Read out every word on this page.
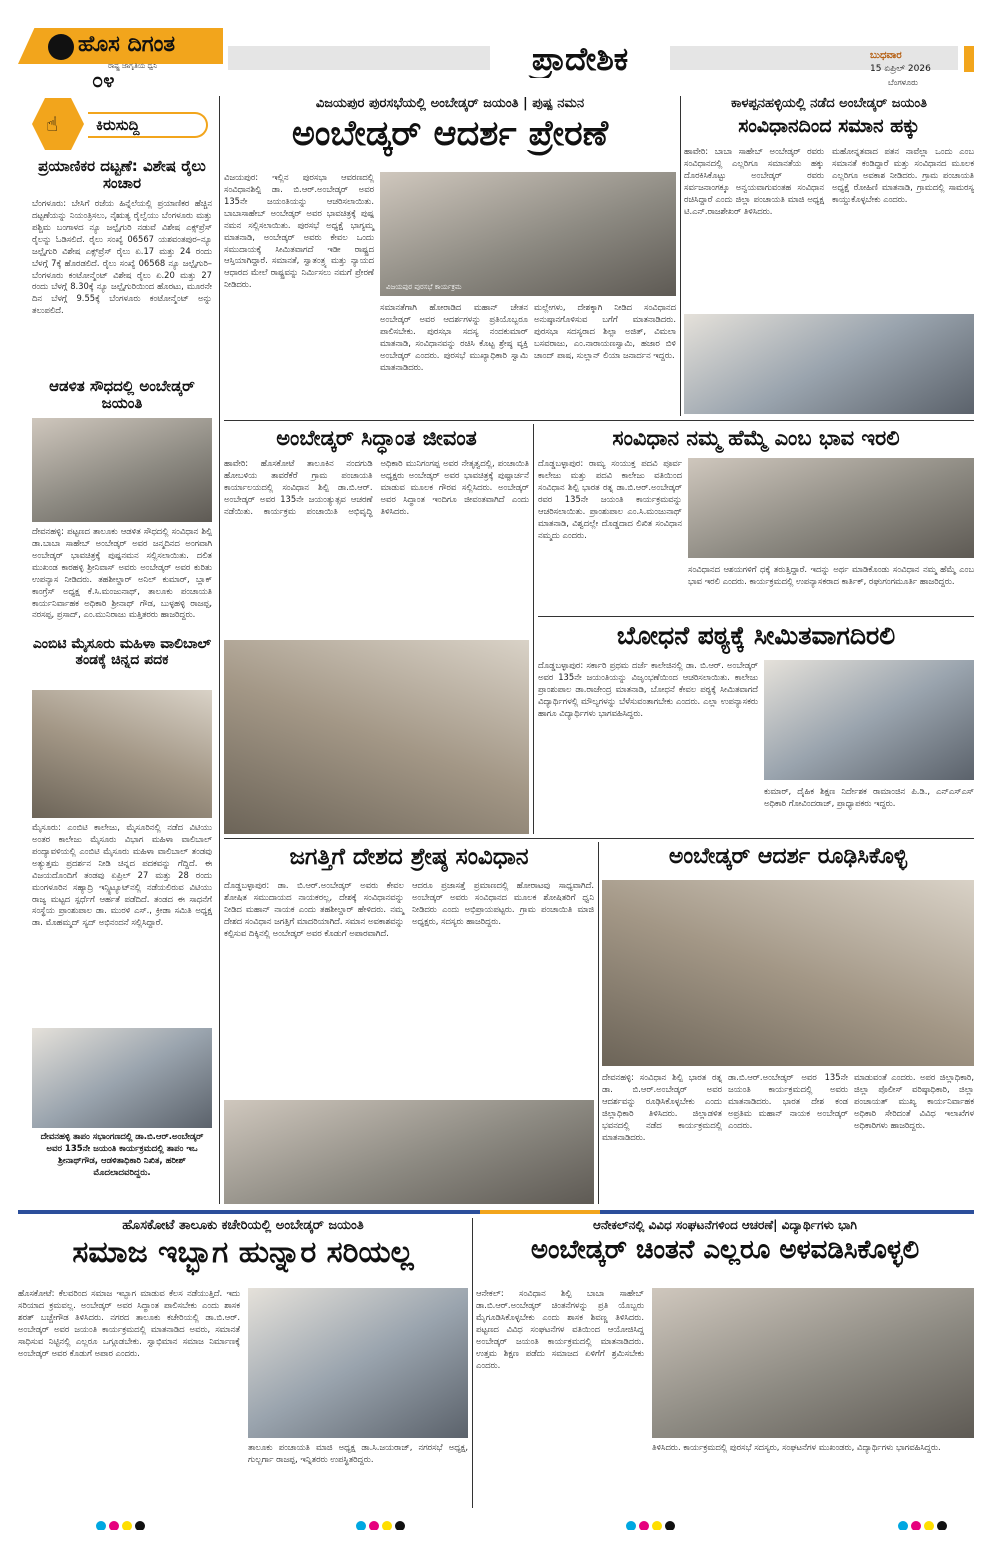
ಹೊಸ ದಿಗಂತ
ರಾಷ್ಟ್ರ ಜಾಗೃತಿಯ ಧ್ವನಿ
೦೪
ಪ್ರಾದೇಶಿಕ	ಬುಧವಾರ
15 ಏಪ್ರಿಲ್ 2026
ಬೆಂಗಳೂರು
☝	ಕಿರುಸುದ್ದಿ
ಪ್ರಯಾಣಿಕರ ದಟ್ಟಣೆ: ವಿಶೇಷ ರೈಲು ಸಂಚಾರ
ಬೆಂಗಳೂರು: ಬೇಸಿಗೆ ರಜೆಯ ಹಿನ್ನೆಲೆಯಲ್ಲಿ ಪ್ರಯಾಣಿಕರ ಹೆಚ್ಚಿನ ದಟ್ಟಣೆಯನ್ನು ನಿಯಂತ್ರಿಸಲು, ನೈಋತ್ಯ ರೈಲ್ವೆಯು ಬೆಂಗಳೂರು ಮತ್ತು ಪಶ್ಚಿಮ ಬಂಗಾಳದ ನ್ಯೂ ಜಲ್ಪೈಗುರಿ ನಡುವೆ ವಿಶೇಷ ಎಕ್ಸ್‌ಪ್ರೆಸ್ ರೈಲನ್ನು ಓಡಿಸಲಿದೆ. ರೈಲು ಸಂಖ್ಯೆ 06567 ಯಶವಂತಪುರ–ನ್ಯೂ ಜಲ್ಪೈಗುರಿ ವಿಶೇಷ ಎಕ್ಸ್‌ಪ್ರೆಸ್ ರೈಲು ಏ.17 ಮತ್ತು 24 ರಂದು ಬೆಳಗ್ಗೆ 7ಕ್ಕೆ ಹೊರಡಲಿದೆ. ರೈಲು ಸಂಖ್ಯೆ 06568 ನ್ಯೂ ಜಲ್ಪೈಗುರಿ–ಬೆಂಗಳೂರು ಕಂಟೋನ್ಮೆಂಟ್ ವಿಶೇಷ ರೈಲು ಏ.20 ಮತ್ತು 27 ರಂದು ಬೆಳಗ್ಗೆ 8.30ಕ್ಕೆ ನ್ಯೂ ಜಲ್ಪೈಗುರಿಯಿಂದ ಹೊರಟು, ಮೂರನೇ ದಿನ ಬೆಳಗ್ಗೆ 9.55ಕ್ಕೆ ಬೆಂಗಳೂರು ಕಂಟೋನ್ಮೆಂಟ್ ಅನ್ನು ತಲುಪಲಿದೆ.
ಆಡಳಿತ ಸೌಧದಲ್ಲಿ ಅಂಬೇಡ್ಕರ್ ಜಯಂತಿ
ದೇವನಹಳ್ಳಿ: ಪಟ್ಟಣದ ತಾಲೂಕು ಆಡಳಿತ ಸೌಧದಲ್ಲಿ ಸಂವಿಧಾನ ಶಿಲ್ಪಿ ಡಾ.ಬಾಬಾ ಸಾಹೇಬ್ ಅಂಬೇಡ್ಕರ್ ಅವರ ಜನ್ಮದಿನದ ಅಂಗವಾಗಿ ಅಂಬೇಡ್ಕರ್ ಭಾವಚಿತ್ರಕ್ಕೆ ಪುಷ್ಪನಮನ ಸಲ್ಲಿಸಲಾಯಿತು. ದಲಿತ ಮುಖಂಡ ಕಾರಹಳ್ಳಿ ಶ್ರೀನಿವಾಸ್ ಅವರು ಅಂಬೇಡ್ಕರ್ ಅವರ ಕುರಿತು ಉಪನ್ಯಾಸ ನೀಡಿದರು. ತಹಶೀಲ್ದಾರ್ ಅನಿಲ್ ಕುಮಾರ್, ಬ್ಲಾಕ್ ಕಾಂಗ್ರೆಸ್ ಅಧ್ಯಕ್ಷ ಕೆ.ಸಿ.ಮಂಜುನಾಥ್, ತಾಲೂಕು ಪಂಚಾಯತಿ ಕಾರ್ಯನಿರ್ವಾಹಕ ಅಧಿಕಾರಿ ಶ್ರೀನಾಥ್ ಗೌಡ, ಬುಳ್ಳಹಳ್ಳಿ ರಾಜಪ್ಪ, ನರಸಪ್ಪ, ಪ್ರಸಾದ್, ಎಂ.ಮುನಿರಾಜು ಮತ್ತಿತರರು ಹಾಜರಿದ್ದರು.
ಎಂಬಿಟಿ ಮೈಸೂರು ಮಹಿಳಾ ವಾಲಿಬಾಲ್ ತಂಡಕ್ಕೆ ಚಿನ್ನದ ಪದಕ
ಮೈಸೂರು: ಎಂಬಿಟಿ ಕಾಲೇಜು, ಮೈಸೂರಿನಲ್ಲಿ ನಡೆದ ವಿಟಿಯು ಅಂತರ ಕಾಲೇಜು ಮೈಸೂರು ವಿಭಾಗ ಮಹಿಳಾ ವಾಲಿಬಾಲ್ ಪಂದ್ಯಾವಳಿಯಲ್ಲಿ ಎಂಬಿಟಿ ಮೈಸೂರು ಮಹಿಳಾ ವಾಲಿಬಾಲ್ ತಂಡವು ಅತ್ಯುತ್ತಮ ಪ್ರದರ್ಶನ ನೀಡಿ ಚಿನ್ನದ ಪದಕವನ್ನು ಗೆದ್ದಿದೆ. ಈ ವಿಜಯದೊಂದಿಗೆ ತಂಡವು ಏಪ್ರಿಲ್ 27 ಮತ್ತು 28 ರಂದು ಮಂಗಳೂರಿನ ಸಹ್ಯಾದ್ರಿ ಇನ್ಸ್ಟಿಟ್ಯೂಟ್‌ನಲ್ಲಿ ನಡೆಯಲಿರುವ ವಿಟಿಯು ರಾಜ್ಯ ಮಟ್ಟದ ಸ್ಪರ್ಧೆಗೆ ಆರ್ಹತೆ ಪಡೆದಿದೆ. ತಂಡದ ಈ ಸಾಧನೆಗೆ ಸಂಸ್ಥೆಯ ಪ್ರಾಂಶುಪಾಲ ಡಾ. ಮುರಳಿ ಎಸ್., ಕ್ರೀಡಾ ಸಮಿತಿ ಅಧ್ಯಕ್ಷ ಡಾ. ಮೊಹಮ್ಮದ್ ಸ್ಯದ್ ಅಭಿನಂದನೆ ಸಲ್ಲಿಸಿದ್ದಾರೆ.
ದೇವನಹಳ್ಳಿ ತಾಪಂ ಸಭಾಂಗಣದಲ್ಲಿ ಡಾ.ಬಿ.ಆರ್.ಅಂಬೇಡ್ಕರ್ ಅವರ 135ನೇ ಜಯಂತಿ ಕಾರ್ಯಕ್ರಮದಲ್ಲಿ ತಾಪಂ ಇಒ ಶ್ರೀನಾಥ್‌ಗೌಡ, ಆಡಳಿತಾಧಿಕಾರಿ ನಿಖಿತ, ಹರೀಶ್ ಮೊದಲಾದವರಿದ್ದರು.
ವಿಜಯಪುರ ಪುರಸಭೆಯಲ್ಲಿ ಅಂಬೇಡ್ಕರ್ ಜಯಂತಿ | ಪುಷ್ಪ ನಮನ
ಅಂಬೇಡ್ಕರ್ ಆದರ್ಶ ಪ್ರೇರಣೆ
ವಿಜಯಪುರ: ಇಲ್ಲಿನ ಪುರಸಭಾ ಆವರಣದಲ್ಲಿ ಸಂವಿಧಾನಶಿಲ್ಪಿ ಡಾ. ಬಿ.ಆರ್.ಅಂಬೇಡ್ಕರ್ ಅವರ 135ನೇ ಜಯಂತಿಯನ್ನು ಆಚರಿಸಲಾಯಿತು. ಬಾಬಾಸಾಹೇಬ್ ಅಂಬೇಡ್ಕರ್ ಅವರ ಭಾವಚಿತ್ರಕ್ಕೆ ಪುಷ್ಪ ನಮನ ಸಲ್ಲಿಸಲಾಯಿತು. ಪುರಸಭೆ ಅಧ್ಯಕ್ಷೆ ಭಾಗ್ಯಮ್ಮ ಮಾತನಾಡಿ, ಅಂಬೇಡ್ಕರ್ ಅವರು ಕೇವಲ ಒಂದು ಸಮುದಾಯಕ್ಕೆ ಸೀಮಿತವಾಗದೆ ಇಡೀ ರಾಷ್ಟ್ರದ ಆಸ್ತಿಯಾಗಿದ್ದಾರೆ. ಸಮಾನತೆ, ಸ್ವಾತಂತ್ರ್ಯ ಮತ್ತು ನ್ಯಾಯದ ಆಧಾರದ ಮೇಲೆ ರಾಷ್ಟ್ರವನ್ನು ನಿರ್ಮಿಸಲು ನಮಗೆ ಪ್ರೇರಣೆ ನೀಡಿದರು.	ವಿಜಯಪುರ ಪುರಸಭೆ ಕಾರ್ಯಕ್ರಮ
ಸಮಾನತೆಗಾಗಿ ಹೋರಾಡಿದ ಮಹಾನ್ ಚೇತನ ಅಂಬೇಡ್ಕರ್ ಅವರ ಆದರ್ಶಗಳನ್ನು ಪ್ರತಿಯೊಬ್ಬರೂ ಪಾಲಿಸಬೇಕು. ಪುರಸಭಾ ಸದಸ್ಯ ನಂದಕುಮಾರ್ ಮಾತನಾಡಿ, ಸಂವಿಧಾನವನ್ನು ರಚಿಸಿ ಕೊಟ್ಟ ಶ್ರೇಷ್ಠ ವ್ಯಕ್ತಿ ಅಂಬೇಡ್ಕರ್ ಎಂದರು. ಪುರಸಭೆ ಮುಖ್ಯಾಧಿಕಾರಿ ಸ್ವಾಮಿ ಮಾತನಾಡಿದರು.
ಮಲ್ಲೇಗಳು, ದೇಶಕ್ಕಾಗಿ ನೀಡಿದ ಸಂವಿಧಾನದ ಅನುಷ್ಠಾನಗೊಳಿಸುವ ಬಗೆಗೆ ಮಾತನಾಡಿದರು. ಪುರಸಭಾ ಸದಸ್ಯರಾದ ಶಿಲ್ಪಾ ಅಜಿತ್, ವಿಮಲಾ ಬಸವರಾಜು, ಎಂ.ನಾರಾಯಣಸ್ವಾಮಿ, ಹಜಾರ ಬಿಳಿ ಚಾಂದ್ ಪಾಷ, ಸುಲ್ಲಾನ್ ಲಿಯಾ ಜನಾರ್ದನ ಇದ್ದರು.
ಕಾಳಪ್ಪನಹಳ್ಳಿಯಲ್ಲಿ ನಡೆದ ಅಂಬೇಡ್ಕರ್ ಜಯಂತಿ
ಸಂವಿಧಾನದಿಂದ ಸಮಾನ ಹಕ್ಕು
ಹಾವೇರಿ: ಬಾಬಾ ಸಾಹೇಬ್ ಅಂಬೇಡ್ಕರ್ ರವರು ಸಂವಿಧಾನದಲ್ಲಿ ಎಲ್ಲರಿಗೂ ಸಮಾನತೆಯ ಹಕ್ಕು ದೊರಕಿಸಿಕೊಟ್ಟು ಅಂಬೇಡ್ಕರ್ ರವರು ಸರ್ವಜನಾಂಗಕ್ಕೂ ಅನ್ವಯವಾಗುವಂತಹ ಸಂವಿಧಾನ ರಚಿಸಿದ್ದಾರೆ ಎಂದು ಜಿಲ್ಲಾ ಪಂಚಾಯತಿ ಮಾಜಿ ಅಧ್ಯಕ್ಷ ಟಿ.ಎನ್.ರಾಜಶೇಖರ್ ತಿಳಿಸಿದರು.
ಮಹೋನ್ನತವಾದ ಪತನ ನಾವೆಲ್ಲಾ ಒಂದು ಎಂಬ ಸಮಾನತೆ ಕಂಡಿದ್ದಾರೆ ಮತ್ತು ಸಂವಿಧಾನದ ಮೂಲಕ ಎಲ್ಲರಿಗೂ ಅವಕಾಶ ನೀಡಿದರು. ಗ್ರಾಮ ಪಂಚಾಯತಿ ಅಧ್ಯಕ್ಷೆ ರೋಹಿಣಿ ಮಾತನಾಡಿ, ಗ್ರಾಮದಲ್ಲಿ ಸಾಮರಸ್ಯ ಕಾಯ್ದುಕೊಳ್ಳಬೇಕು ಎಂದರು.
ಅಂಬೇಡ್ಕರ್ ಸಿದ್ಧಾಂತ ಜೀವಂತ
ಹಾವೇರಿ: ಹೊಸಕೋಟೆ ತಾಲೂಕಿನ ನಂದಗುಡಿ ಹೋಬಳಿಯ ತಾವರೆಕೆರೆ ಗ್ರಾಮ ಪಂಚಾಯತಿ ಕಾರ್ಯಾಲಯದಲ್ಲಿ ಸಂವಿಧಾನ ಶಿಲ್ಪಿ ಡಾ.ಬಿ.ಆರ್. ಅಂಬೇಡ್ಕರ್ ಅವರ 135ನೇ ಜಯಂತ್ಯುತ್ಸವ ಆಚರಣೆ ನಡೆಯಿತು. ಕಾರ್ಯಕ್ರಮ ಪಂಚಾಯಿತಿ ಅಭಿವೃದ್ಧಿ ಅಧಿಕಾರಿ ಮುನಿಗಂಗಪ್ಪ ಅವರ ನೇತೃತ್ವದಲ್ಲಿ, ಪಂಚಾಯಿತಿ ಅಧ್ಯಕ್ಷರು ಅಂಬೇಡ್ಕರ್ ಅವರ ಭಾವಚಿತ್ರಕ್ಕೆ ಪುಷ್ಪಾರ್ಚನೆ ಮಾಡುವ ಮೂಲಕ ಗೌರವ ಸಲ್ಲಿಸಿದರು. ಅಂಬೇಡ್ಕರ್ ಅವರ ಸಿದ್ಧಾಂತ ಇಂದಿಗೂ ಜೀವಂತವಾಗಿದೆ ಎಂದು ತಿಳಿಸಿದರು.
ಸಂವಿಧಾನ ನಮ್ಮ ಹೆಮ್ಮೆ ಎಂಬ ಭಾವ ಇರಲಿ
ದೊಡ್ಡಬಳ್ಳಾಪುರ: ರಾಮ್ಯ ಸಂಯುಕ್ತ ಪದವಿ ಪೂರ್ವ ಕಾಲೇಜು ಮತ್ತು ಪದವಿ ಕಾಲೇಜು ವತಿಯಿಂದ ಸಂವಿಧಾನ ಶಿಲ್ಪಿ ಭಾರತ ರತ್ನ ಡಾ.ಬಿ.ಆರ್.ಅಂಬೇಡ್ಕರ್ ರವರ 135ನೇ ಜಯಂತಿ ಕಾರ್ಯಕ್ರಮವನ್ನು ಆಚರಿಸಲಾಯಿತು. ಪ್ರಾಂಶುಪಾಲ ಎಂ.ಸಿ.ಮಂಜುನಾಥ್ ಮಾತನಾಡಿ, ವಿಶ್ವದಲ್ಲೇ ದೊಡ್ಡದಾದ ಲಿಖಿತ ಸಂವಿಧಾನ ನಮ್ಮದು ಎಂದರು.
ಸಂವಿಧಾನದ ಆಶಯಗಳಿಗೆ ಧಕ್ಕೆ ತರುತ್ತಿದ್ದಾರೆ. ಇದನ್ನು ಅರ್ಥ ಮಾಡಿಕೊಂಡು ಸಂವಿಧಾನ ನಮ್ಮ ಹೆಮ್ಮೆ ಎಂಬ ಭಾವ ಇರಲಿ ಎಂದರು. ಕಾರ್ಯಕ್ರಮದಲ್ಲಿ ಉಪನ್ಯಾಸಕರಾದ ಕಾರ್ತಿಕ್, ರಘುಗಂಗಮೂರ್ತಿ ಹಾಜರಿದ್ದರು.
ಬೋಧನೆ ಪಠ್ಯಕ್ಕೆ ಸೀಮಿತವಾಗದಿರಲಿ
ದೊಡ್ಡಬಳ್ಳಾಪುರ: ಸರ್ಕಾರಿ ಪ್ರಥಮ ದರ್ಜೆ ಕಾಲೇಜಿನಲ್ಲಿ ಡಾ. ಬಿ.ಆರ್. ಅಂಬೇಡ್ಕರ್ ಅವರ 135ನೇ ಜಯಂತಿಯನ್ನು ವಿಜೃಂಭಣೆಯಿಂದ ಆಚರಿಸಲಾಯಿತು. ಕಾಲೇಜು ಪ್ರಾಂಶುಪಾಲ ಡಾ.ರಾಜೇಂದ್ರ ಮಾತನಾಡಿ, ಬೋಧನೆ ಕೇವಲ ಪಠ್ಯಕ್ಕೆ ಸೀಮಿತವಾಗದೆ ವಿದ್ಯಾರ್ಥಿಗಳಲ್ಲಿ ಮೌಲ್ಯಗಳನ್ನು ಬೆಳೆಸುವಂತಾಗಬೇಕು ಎಂದರು. ಎಲ್ಲಾ ಉಪನ್ಯಾಸಕರು ಹಾಗೂ ವಿದ್ಯಾರ್ಥಿಗಳು ಭಾಗವಹಿಸಿದ್ದರು.
ಕುಮಾರ್, ದೈಹಿಕ ಶಿಕ್ಷಣ ನಿರ್ದೇಶಕ ರಾಮಾಂಜಿನ ಪಿ.ಡಿ., ಎನ್‌ಎಸ್‌ಎಸ್ ಅಧಿಕಾರಿ ಗೋವಿಂದರಾಜ್, ಪ್ರಾಧ್ಯಾಪಕರು ಇದ್ದರು.
ಜಗತ್ತಿಗೆ ದೇಶದ ಶ್ರೇಷ್ಠ ಸಂವಿಧಾನ
ದೊಡ್ಡಬಳ್ಳಾಪುರ: ಡಾ. ಬಿ.ಆರ್.ಅಂಬೇಡ್ಕರ್ ಅವರು ಕೇವಲ ಶೋಷಿತ ಸಮುದಾಯದ ನಾಯಕರಲ್ಲ, ದೇಶಕ್ಕೆ ಸಂವಿಧಾನವನ್ನು ನೀಡಿದ ಮಹಾನ್ ನಾಯಕ ಎಂದು ತಹಶೀಲ್ದಾರ್ ಹೇಳಿದರು. ನಮ್ಮ ದೇಶದ ಸಂವಿಧಾನ ಜಗತ್ತಿಗೆ ಮಾದರಿಯಾಗಿದೆ. ಸಮಾನ ಅವಕಾಶವನ್ನು ಕಲ್ಪಿಸುವ ದಿಕ್ಕಿನಲ್ಲಿ ಅಂಬೇಡ್ಕರ್ ಅವರ ಕೊಡುಗೆ ಅಪಾರವಾಗಿದೆ.
ಆದರೂ ಪ್ರಜಾಸತ್ತೆ ಪ್ರಮಾಣದಲ್ಲಿ ಹೋರಾಟವು ಸಾಧ್ಯವಾಗಿದೆ. ಅಂಬೇಡ್ಕರ್ ಅವರು ಸಂವಿಧಾನದ ಮೂಲಕ ಶೋಷಿತರಿಗೆ ಧ್ವನಿ ನೀಡಿದರು ಎಂದು ಅಭಿಪ್ರಾಯಪಟ್ಟರು. ಗ್ರಾಮ ಪಂಚಾಯಿತಿ ಮಾಜಿ ಅಧ್ಯಕ್ಷರು, ಸದಸ್ಯರು ಹಾಜರಿದ್ದರು.
ಅಂಬೇಡ್ಕರ್ ಆದರ್ಶ ರೂಢಿಸಿಕೊಳ್ಳಿ
ದೇವನಹಳ್ಳಿ: ಸಂವಿಧಾನ ಶಿಲ್ಪಿ ಭಾರತ ರತ್ನ ಡಾ. ಬಿ.ಆರ್.ಅಂಬೇಡ್ಕರ್ ಅವರ ಆದರ್ಶವನ್ನು ರೂಢಿಸಿಕೊಳ್ಳಬೇಕು ಎಂದು ಜಿಲ್ಲಾಧಿಕಾರಿ ತಿಳಿಸಿದರು. ಜಿಲ್ಲಾಡಳಿತ ಭವನದಲ್ಲಿ ನಡೆದ ಕಾರ್ಯಕ್ರಮದಲ್ಲಿ ಮಾತನಾಡಿದರು.
ಡಾ.ಬಿ.ಆರ್.ಅಂಬೇಡ್ಕರ್ ಅವರ 135ನೇ ಜಯಂತಿ ಕಾರ್ಯಕ್ರಮದಲ್ಲಿ ಅವರು ಮಾತನಾಡಿದರು. ಭಾರತ ದೇಶ ಕಂಡ ಅಪ್ರತಿಮ ಮಹಾನ್ ನಾಯಕ ಅಂಬೇಡ್ಕರ್ ಎಂದರು.
ಮಾಡುವಂತೆ ಎಂದರು. ಅಪರ ಜಿಲ್ಲಾಧಿಕಾರಿ, ಜಿಲ್ಲಾ ಪೊಲೀಸ್ ವರಿಷ್ಠಾಧಿಕಾರಿ, ಜಿಲ್ಲಾ ಪಂಚಾಯತ್ ಮುಖ್ಯ ಕಾರ್ಯನಿರ್ವಾಹಕ ಅಧಿಕಾರಿ ಸೇರಿದಂತೆ ವಿವಿಧ ಇಲಾಖೆಗಳ ಅಧಿಕಾರಿಗಳು ಹಾಜರಿದ್ದರು.
ಹೊಸಕೋಟೆ ತಾಲೂಕು ಕಚೇರಿಯಲ್ಲಿ ಅಂಬೇಡ್ಕರ್ ಜಯಂತಿ
ಸಮಾಜ ಇಬ್ಭಾಗ ಹುನ್ನಾರ ಸರಿಯಲ್ಲ
ಹೊಸಕೋಟೆ: ಕೆಲವರಿಂದ ಸಮಾಜ ಇಬ್ಭಾಗ ಮಾಡುವ ಕೆಲಸ ನಡೆಯುತ್ತಿದೆ. ಇದು ಸರಿಯಾದ ಕ್ರಮವಲ್ಲ. ಅಂಬೇಡ್ಕರ್ ಅವರ ಸಿದ್ಧಾಂತ ಪಾಲಿಸಬೇಕು ಎಂದು ಶಾಸಕ ಶರತ್ ಬಚ್ಚೇಗೌಡ ತಿಳಿಸಿದರು. ನಗರದ ತಾಲೂಕು ಕಚೇರಿಯಲ್ಲಿ ಡಾ.ಬಿ.ಆರ್. ಅಂಬೇಡ್ಕರ್ ಅವರ ಜಯಂತಿ ಕಾರ್ಯಕ್ರಮದಲ್ಲಿ ಮಾತನಾಡಿದ ಅವರು, ಸಮಾನತೆ ಸಾಧಿಸುವ ನಿಟ್ಟಿನಲ್ಲಿ ಎಲ್ಲರೂ ಒಗ್ಗೂಡಬೇಕು. ಸ್ವಾಭಿಮಾನ ಸಮಾಜ ನಿರ್ಮಾಣಕ್ಕೆ ಅಂಬೇಡ್ಕರ್ ಅವರ ಕೊಡುಗೆ ಅಪಾರ ಎಂದರು.
ತಾಲೂಕು ಪಂಚಾಯತಿ ಮಾಜಿ ಅಧ್ಯಕ್ಷ ಡಾ.ಸಿ.ಜಯರಾಜ್, ನಗರಸಭೆ ಅಧ್ಯಕ್ಷ, ಗುಲ್ಬರ್ಗಾ ರಾಜಪ್ಪ, ಇನ್ನಿತರರು ಉಪಸ್ಥಿತರಿದ್ದರು.
ಆನೇಕಲ್‌ನಲ್ಲಿ ವಿವಿಧ ಸಂಘಟನೆಗಳಿಂದ ಆಚರಣೆ| ವಿದ್ಯಾರ್ಥಿಗಳು ಭಾಗಿ
ಅಂಬೇಡ್ಕರ್ ಚಿಂತನೆ ಎಲ್ಲರೂ ಅಳವಡಿಸಿಕೊಳ್ಳಲಿ
ಆನೇಕಲ್: ಸಂವಿಧಾನ ಶಿಲ್ಪಿ ಬಾಬಾ ಸಾಹೇಬ್ ಡಾ.ಬಿ.ಆರ್.ಅಂಬೇಡ್ಕರ್ ಚಿಂತನೆಗಳನ್ನು ಪ್ರತಿ ಯೊಬ್ಬರು ಮೈಗೂಡಿಸಿಕೊಳ್ಳಬೇಕು ಎಂದು ಶಾಸಕ ಶಿವಣ್ಣ ತಿಳಿಸಿದರು. ಪಟ್ಟಣದ ವಿವಿಧ ಸಂಘಟನೆಗಳ ವತಿಯಿಂದ ಆಯೋಜಿಸಿದ್ದ ಅಂಬೇಡ್ಕರ್ ಜಯಂತಿ ಕಾರ್ಯಕ್ರಮದಲ್ಲಿ ಮಾತನಾಡಿದರು. ಉತ್ತಮ ಶಿಕ್ಷಣ ಪಡೆದು ಸಮಾಜದ ಏಳಿಗೆಗೆ ಶ್ರಮಿಸಬೇಕು ಎಂದರು.
ತಿಳಿಸಿದರು. ಕಾರ್ಯಕ್ರಮದಲ್ಲಿ ಪುರಸಭೆ ಸದಸ್ಯರು, ಸಂಘಟನೆಗಳ ಮುಖಂಡರು, ವಿದ್ಯಾರ್ಥಿಗಳು ಭಾಗವಹಿಸಿದ್ದರು.
